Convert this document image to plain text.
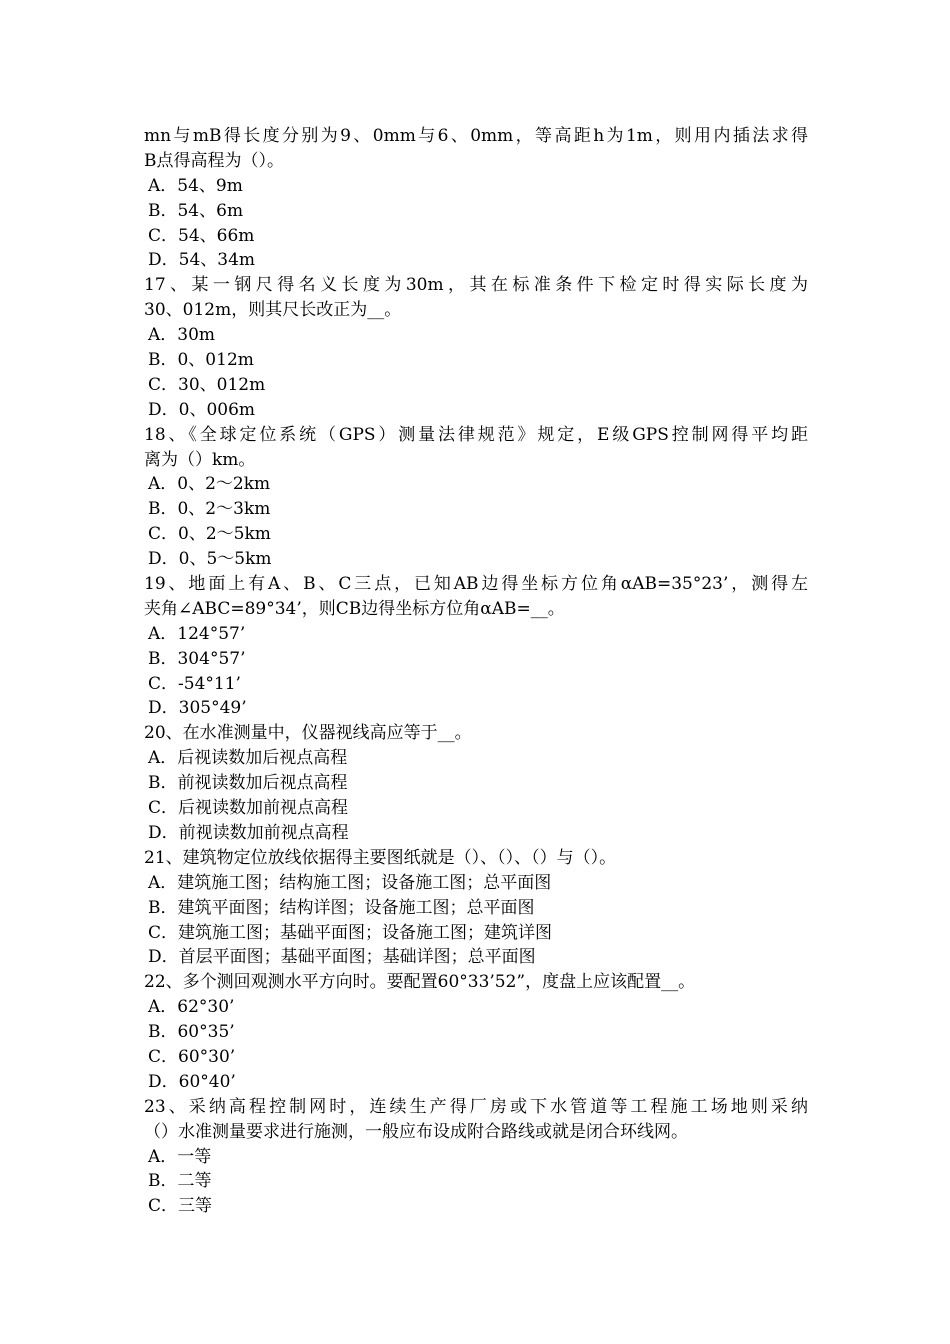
mn与mB得长度分别为9、0mm与6、0mm，等高距h为1m，则用内插法求得
B点得高程为（）。
A．54、9m
B．54、6m
C．54、66m
D．54、34m
17、某一钢尺得名义长度为30m，其在标准条件下检定时得实际长度为
30、012m，则其尺长改正为__。
A．30m
B．0、012m
C．30、012m
D．0、006m
18、《全球定位系统（GPS）测量法律规范》规定，E级GPS控制网得平均距
离为（）km。
A．0、2～2km
B．0、2～3km
C．0、2～5km
D．0、5～5km
19、地面上有A、B、C三点，已知AB边得坐标方位角αAB=35°23’，测得左
夹角∠ABC=89°34’，则CB边得坐标方位角αAB=__。
A．124°57’
B．304°57’
C．-54°11’
D．305°49’
20、在水准测量中，仪器视线高应等于__。
A．后视读数加后视点高程
B．前视读数加后视点高程
C．后视读数加前视点高程
D．前视读数加前视点高程
21、建筑物定位放线依据得主要图纸就是（）、（）、（）与（）。
A．建筑施工图；结构施工图；设备施工图；总平面图
B．建筑平面图；结构详图；设备施工图；总平面图
C．建筑施工图；基础平面图；设备施工图；建筑详图
D．首层平面图；基础平面图；基础详图；总平面图
22、多个测回观测水平方向时。要配置60°33’52”，度盘上应该配置__。
A．62°30’
B．60°35’
C．60°30’
D．60°40’
23、采纳高程控制网时，连续生产得厂房或下水管道等工程施工场地则采纳
（）水准测量要求进行施测，一般应布设成附合路线或就是闭合环线网。
A．一等
B．二等
C．三等
